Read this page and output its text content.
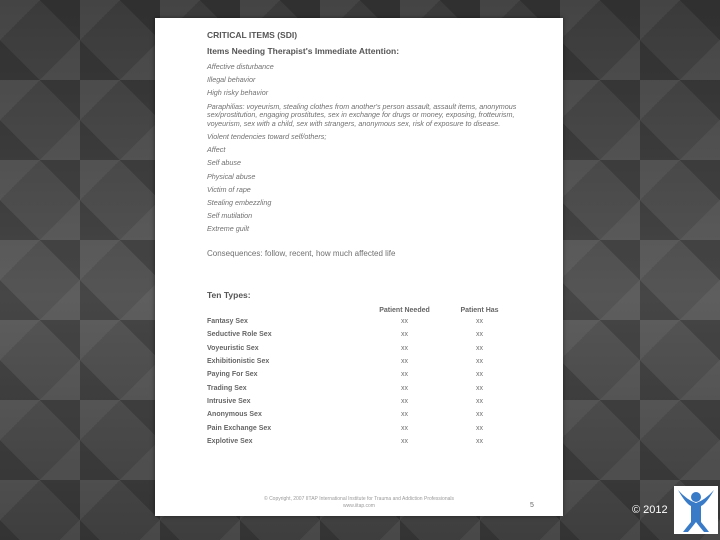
CRITICAL ITEMS (SDI)
Items Needing Therapist's Immediate Attention:
Affective disturbance
Illegal behavior
High risky behavior
Paraphilias: voyeurism, stealing clothes from another's person assault, assault items, anonymous sex/prostitution, engaging prostitutes, sex in exchange for drugs or money, exposing, frotteurism, voyeurism, sex with a child, sex with strangers, anonymous sex, risk of exposure to disease.
Violent tendencies toward self/others;
Affect
Self abuse
Physical abuse
Victim of rape
Stealing embezzling
Self mutilation
Extreme guilt
Consequences: follow, recent, how much affected life
Ten Types:
	Patient Needed	Patient Has
Fantasy Sex	xx	xx
Seductive Role Sex	xx	xx
Voyeuristic Sex	xx	xx
Exhibitionistic Sex	xx	xx
Paying For Sex	xx	xx
Trading Sex	xx	xx
Intrusive Sex	xx	xx
Anonymous Sex	xx	xx
Pain Exchange Sex	xx	xx
Explotive Sex	xx	xx
© Copyright, 2007 IITAP International Institute for Trauma and Addiction Professionals
www.iitap.com	5	© 2012
